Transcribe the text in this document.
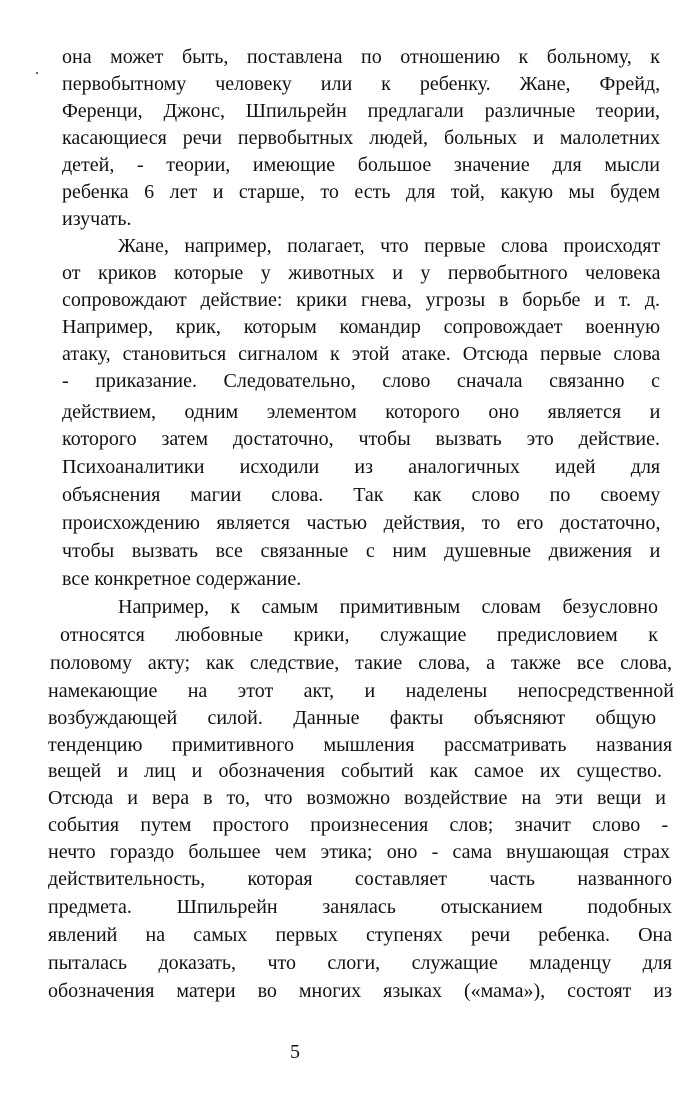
она может быть, поставлена по отношению к больному, к
первобытному человеку или к ребенку. Жане, Фрейд,
Ференци, Джонс, Шпильрейн предлагали различные теории,
касающиеся речи первобытных людей, больных и малолетних
детей, - теории, имеющие большое значение для мысли
ребенка 6 лет и старше, то есть для той, какую мы будем
изучать.
Жане, например, полагает, что первые слова происходят
от криков которые у животных и у первобытного человека
сопровождают действие: крики гнева, угрозы в борьбе и т. д.
Например, крик, которым командир сопровождает военную
атаку, становиться сигналом к этой атаке. Отсюда первые слова
- приказание. Следовательно, слово сначала связанно с
действием, одним элементом которого оно является и
которого затем достаточно, чтобы вызвать это действие.
Психоаналитики исходили из аналогичных идей для
объяснения магии слова. Так как слово по своему
происхождению является частью действия, то его достаточно,
чтобы вызвать все связанные с ним душевные движения и
все конкретное содержание.
Например, к самым примитивным словам безусловно
относятся любовные крики, служащие предисловием к
половому акту; как следствие, такие слова, а также все слова,
намекающие на этот акт, и наделены непосредственной
возбуждающей силой. Данные факты объясняют общую
тенденцию примитивного мышления рассматривать названия
вещей и лиц и обозначения событий как самое их существо.
Отсюда и вера в то, что возможно воздействие на эти вещи и
события путем простого произнесения слов; значит слово -
нечто гораздо большее чем этика; оно - сама внушающая страх
действительность, которая составляет часть названного
предмета. Шпильрейн занялась отысканием подобных
явлений на самых первых ступенях речи ребенка. Она
пыталась доказать, что слоги, служащие младенцу для
обозначения матери во многих языках («мама»), состоят из
5
